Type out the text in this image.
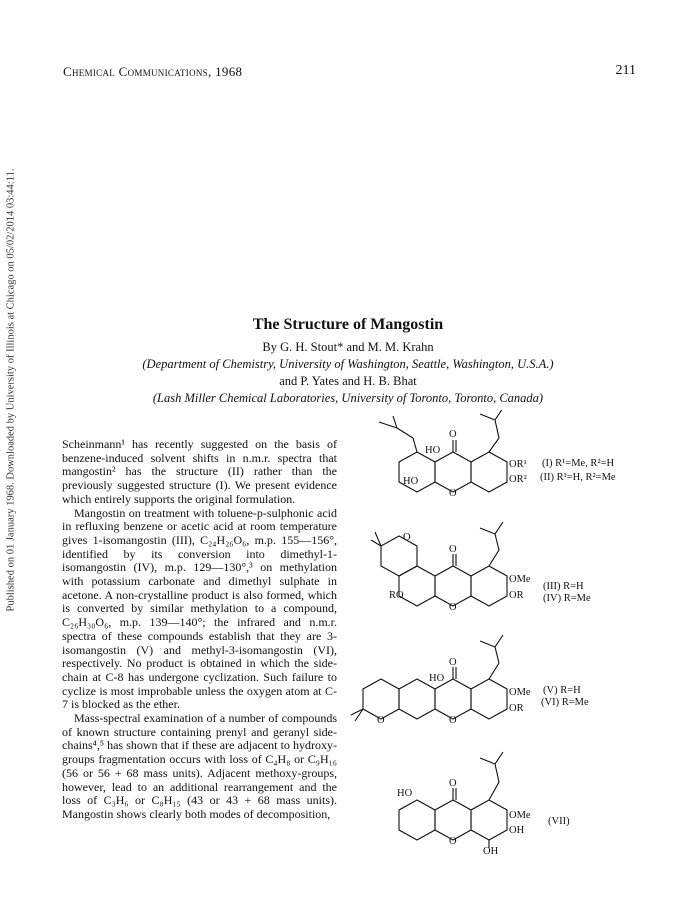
Chemical Communications, 1968	211
Published on 01 January 1968. Downloaded by University of Illinois at Chicago on 05/02/2014 03:44:11.	The Structure of Mangostin
By G. H. Stout* and M. M. Krahn
(Department of Chemistry, University of Washington, Seattle, Washington, U.S.A.)
and P. Yates and H. B. Bhat
(Lash Miller Chemical Laboratories, University of Toronto, Toronto, Canada)

Scheinmann¹ has recently suggested on the basis of benzene-induced solvent shifts in n.m.r. spectra that mangostin² has the structure (II) rather than the previously suggested structure (I). We present evidence which entirely supports the original formulation.

Mangostin on treatment with toluene-p-sulphonic acid in refluxing benzene or acetic acid at room temperature gives 1-isomangostin (III), C₂₄H₂₆O₆, m.p. 155—156°, identified by its conversion into dimethyl-1-isomangostin (IV), m.p. 129—130°,³ on methylation with potassium carbonate and dimethyl sulphate in acetone. A non-crystalline product is also formed, which is converted by similar methylation to a compound, C₂₆H₃₀O₆, m.p. 139—140°; the infrared and n.m.r. spectra of these compounds establish that they are 3-isomangostin (V) and methyl-3-isomangostin (VI), respectively. No product is obtained in which the side-chain at C-8 has undergone cyclization. Such failure to cyclize is most improbable unless the oxygen atom at C-7 is blocked as the ether.

Mass-spectral examination of a number of compounds of known structure containing prenyl and geranyl side-chains⁴,⁵ has shown that if these are adjacent to hydroxy-groups fragmentation occurs with loss of C₄H₈ or C₉H₁₆ (56 or 56 + 68 mass units). Adjacent methoxy-groups, however, lead to an additional rearrangement and the loss of C₃H₆ or C₈H₁₅ (43 or 43 + 68 mass units). Mangostin shows clearly both modes of decomposition,

HO
O
HO
O
OR¹
OR²
(I) R¹=Me, R²=H
(II) R¹=H, R²=Me
O
O
RO
O
OMe
OR
(III) R=H
(IV) R=Me
HO
O
O	O
OMe
OR
(V) R=H
(VI) R=Me
HO
O
O
OMe
OH
OH
(VII)
